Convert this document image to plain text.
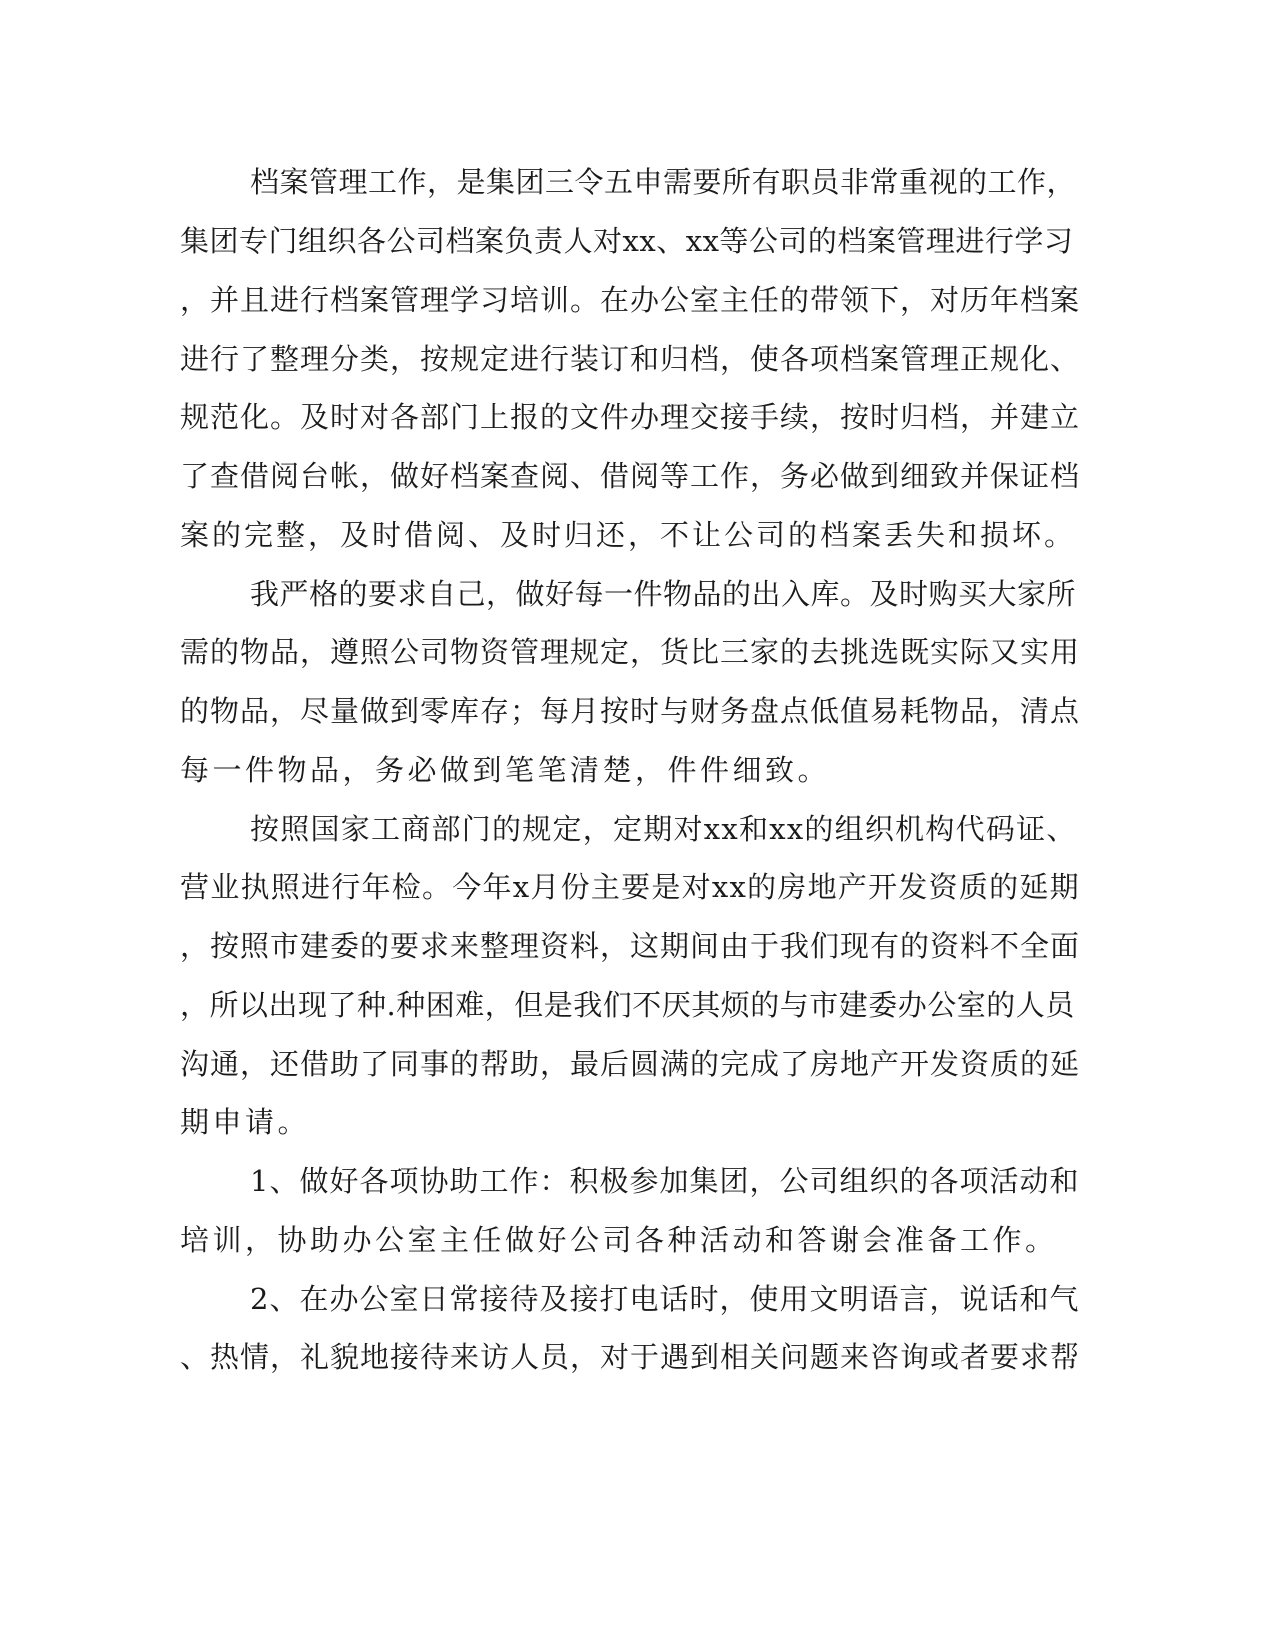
档案管理工作，是集团三令五申需要所有职员非常重视的工作，
集团专门组织各公司档案负责人对xx、xx等公司的档案管理进行学习
，并且进行档案管理学习培训。在办公室主任的带领下，对历年档案
进行了整理分类，按规定进行装订和归档，使各项档案管理正规化、
规范化。及时对各部门上报的文件办理交接手续，按时归档，并建立
了查借阅台帐，做好档案查阅、借阅等工作，务必做到细致并保证档
案的完整，及时借阅、及时归还，不让公司的档案丢失和损坏。
我严格的要求自己，做好每一件物品的出入库。及时购买大家所
需的物品，遵照公司物资管理规定，货比三家的去挑选既实际又实用
的物品，尽量做到零库存；每月按时与财务盘点低值易耗物品，清点
每一件物品，务必做到笔笔清楚，件件细致。
按照国家工商部门的规定，定期对xx和xx的组织机构代码证、
营业执照进行年检。今年x月份主要是对xx的房地产开发资质的延期
，按照市建委的要求来整理资料，这期间由于我们现有的资料不全面
，所以出现了种.种困难，但是我们不厌其烦的与市建委办公室的人员
沟通，还借助了同事的帮助，最后圆满的完成了房地产开发资质的延
期申请。
1、做好各项协助工作：积极参加集团，公司组织的各项活动和
培训，协助办公室主任做好公司各种活动和答谢会准备工作。
2、在办公室日常接待及接打电话时，使用文明语言，说话和气
、热情，礼貌地接待来访人员，对于遇到相关问题来咨询或者要求帮
